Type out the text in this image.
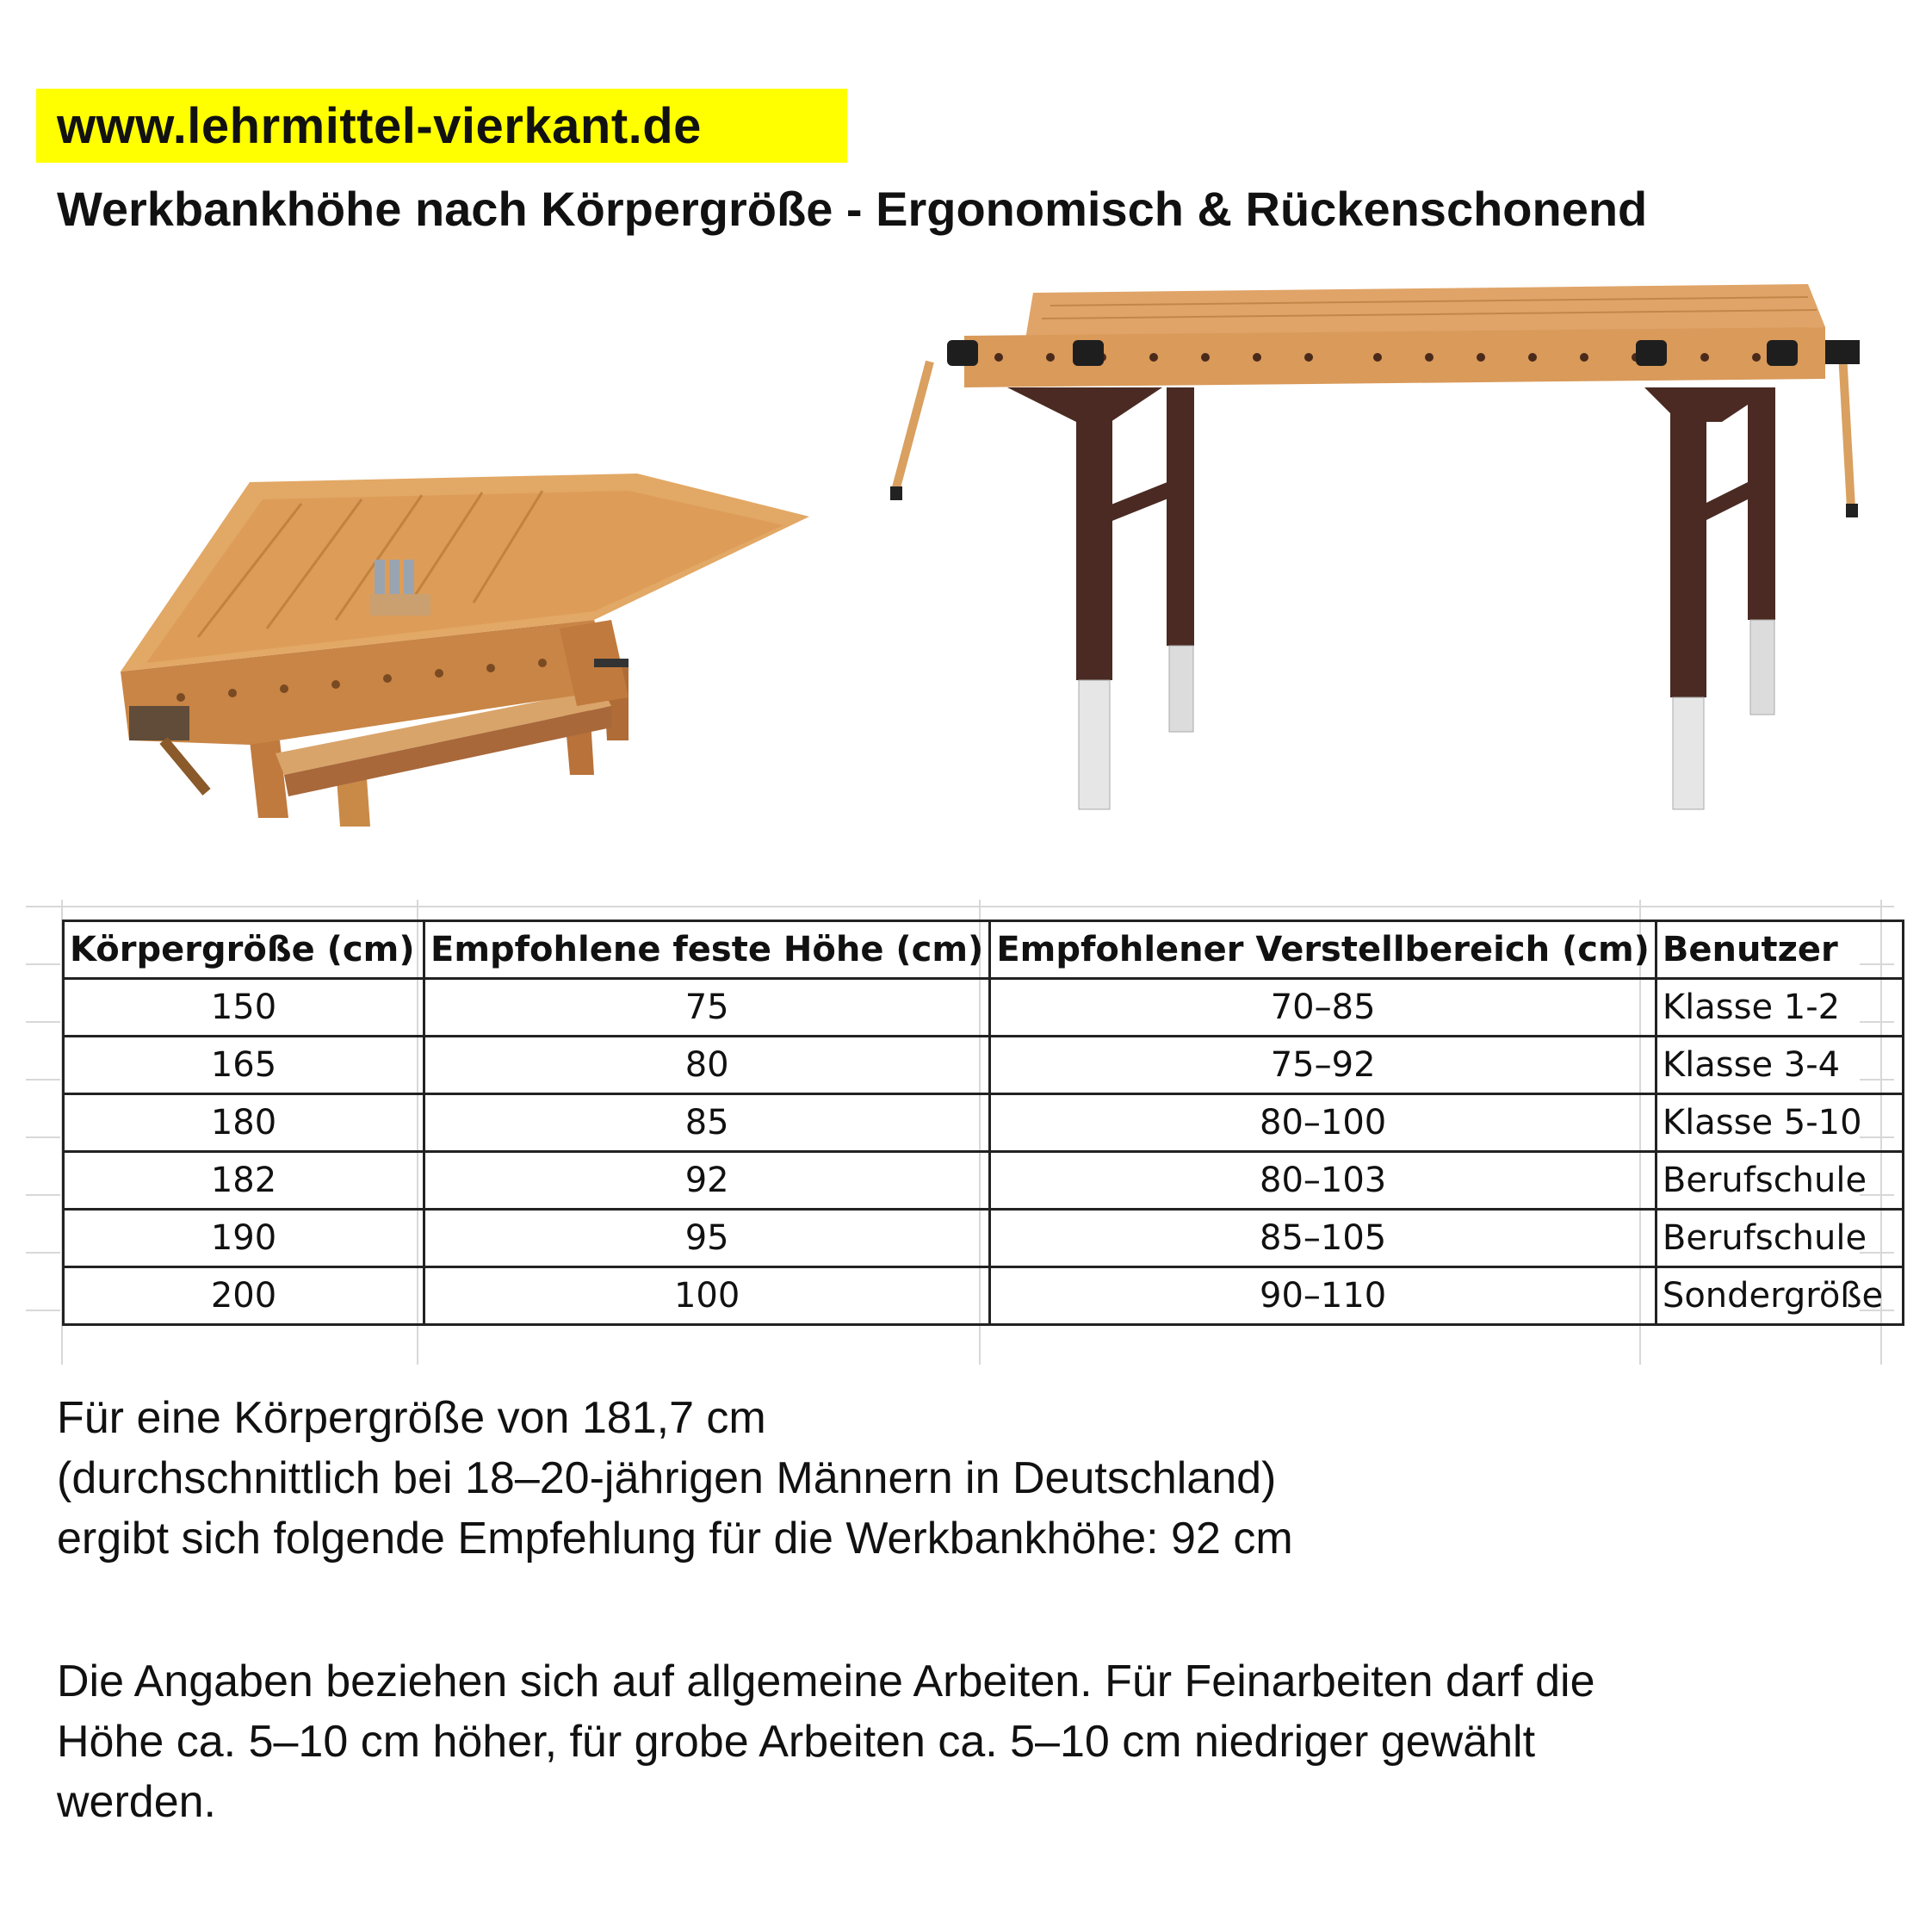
www.lehrmittel-vierkant.de
Werkbankhöhe nach Körpergröße - Ergonomisch & Rückenschonend
Körpergröße (cm)	Empfohlene feste Höhe (cm)	Empfohlener Verstellbereich (cm)	Benutzer
150	75	70–85	Klasse 1-2
165	80	75–92	Klasse 3-4
180	85	80–100	Klasse 5-10
182	92	80–103	Berufschule
190	95	85–105	Berufschule
200	100	90–110	Sondergröße
Für eine Körpergröße von 181,7 cm
(durchschnittlich bei 18–20-jährigen Männern in Deutschland)
ergibt sich folgende Empfehlung für die Werkbankhöhe: 92 cm
Die Angaben beziehen sich auf allgemeine Arbeiten. Für Feinarbeiten darf die
Höhe ca. 5–10 cm höher, für grobe Arbeiten ca. 5–10 cm niedriger gewählt
werden.
